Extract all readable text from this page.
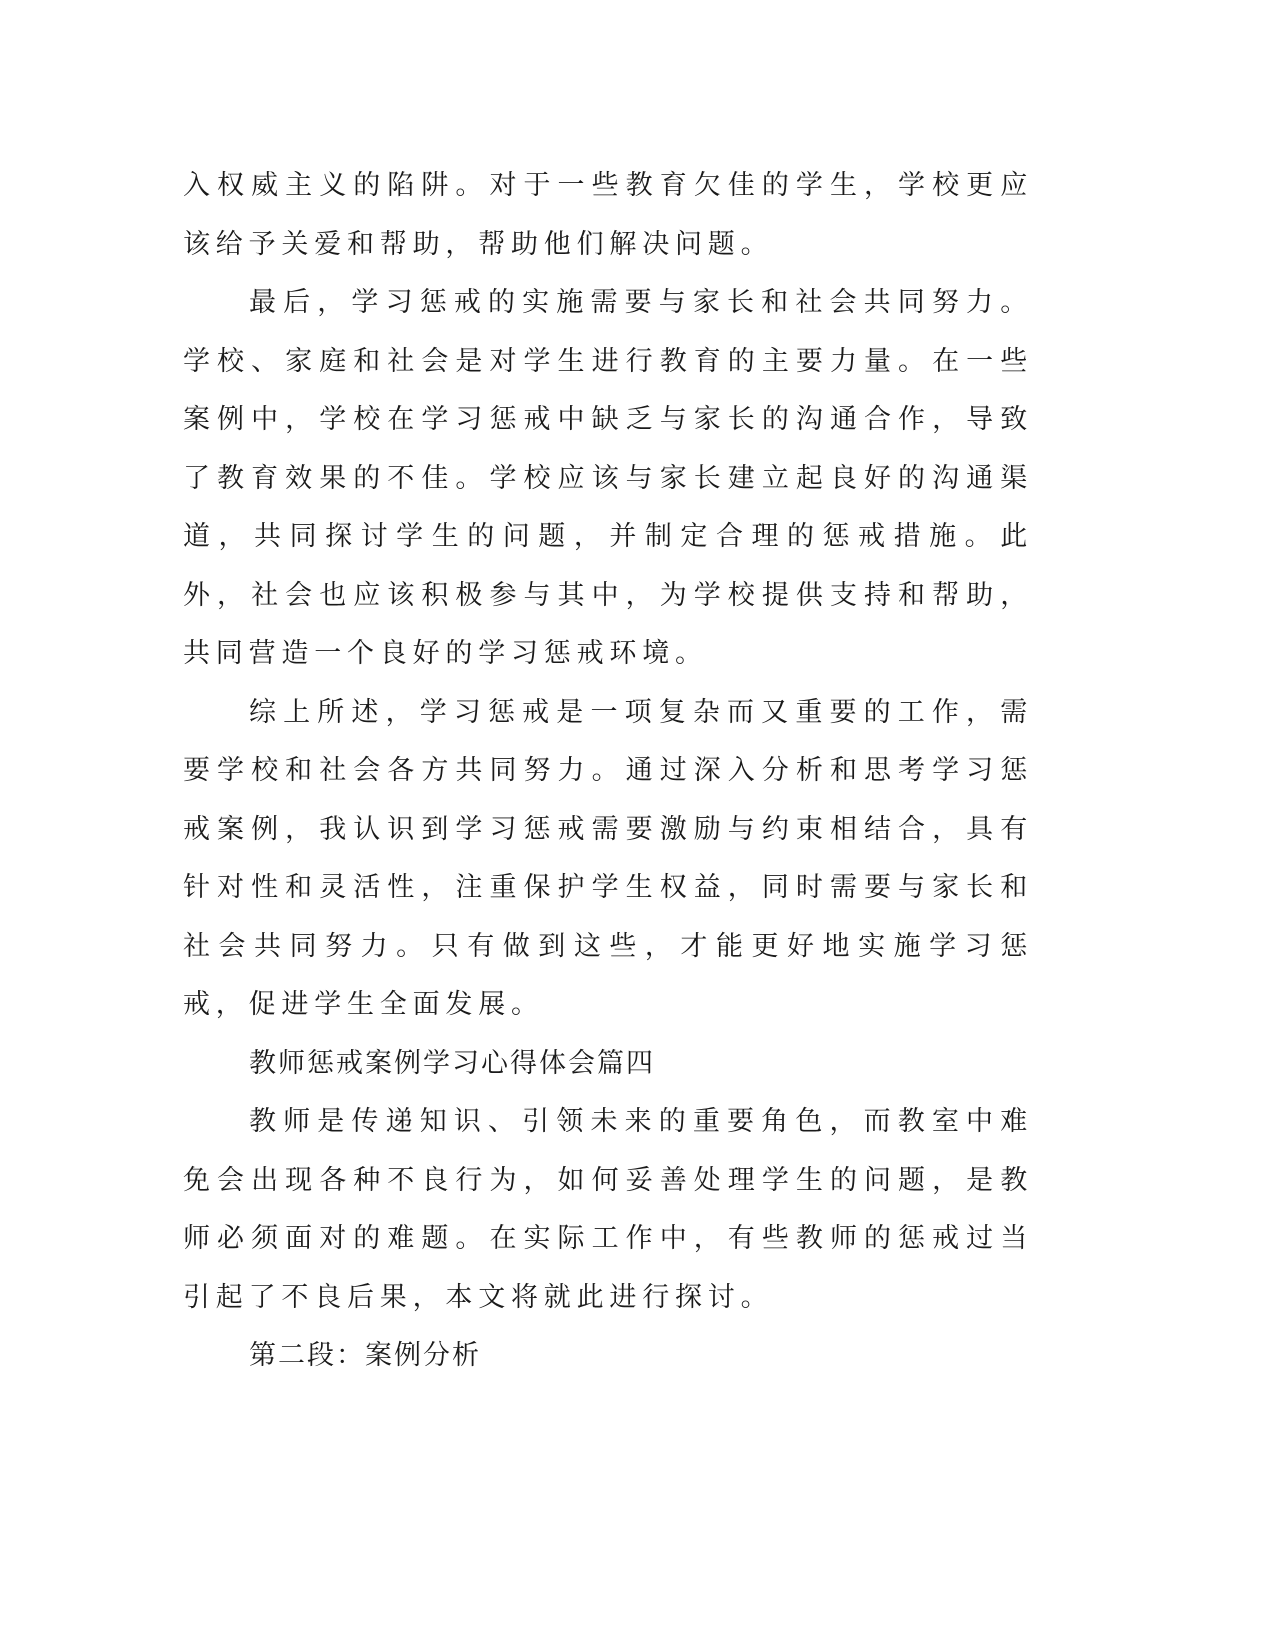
入权威主义的陷阱。对于一些教育欠佳的学生，学校更应该给予关爱和帮助，帮助他们解决问题。

最后，学习惩戒的实施需要与家长和社会共同努力。学校、家庭和社会是对学生进行教育的主要力量。在一些案例中，学校在学习惩戒中缺乏与家长的沟通合作，导致了教育效果的不佳。学校应该与家长建立起良好的沟通渠道，共同探讨学生的问题，并制定合理的惩戒措施。此外，社会也应该积极参与其中，为学校提供支持和帮助，共同营造一个良好的学习惩戒环境。

综上所述，学习惩戒是一项复杂而又重要的工作，需要学校和社会各方共同努力。通过深入分析和思考学习惩戒案例，我认识到学习惩戒需要激励与约束相结合，具有针对性和灵活性，注重保护学生权益，同时需要与家长和社会共同努力。只有做到这些，才能更好地实施学习惩戒，促进学生全面发展。

教师惩戒案例学习心得体会篇四

教师是传递知识、引领未来的重要角色，而教室中难免会出现各种不良行为，如何妥善处理学生的问题，是教师必须面对的难题。在实际工作中，有些教师的惩戒过当引起了不良后果，本文将就此进行探讨。

第二段：案例分析
